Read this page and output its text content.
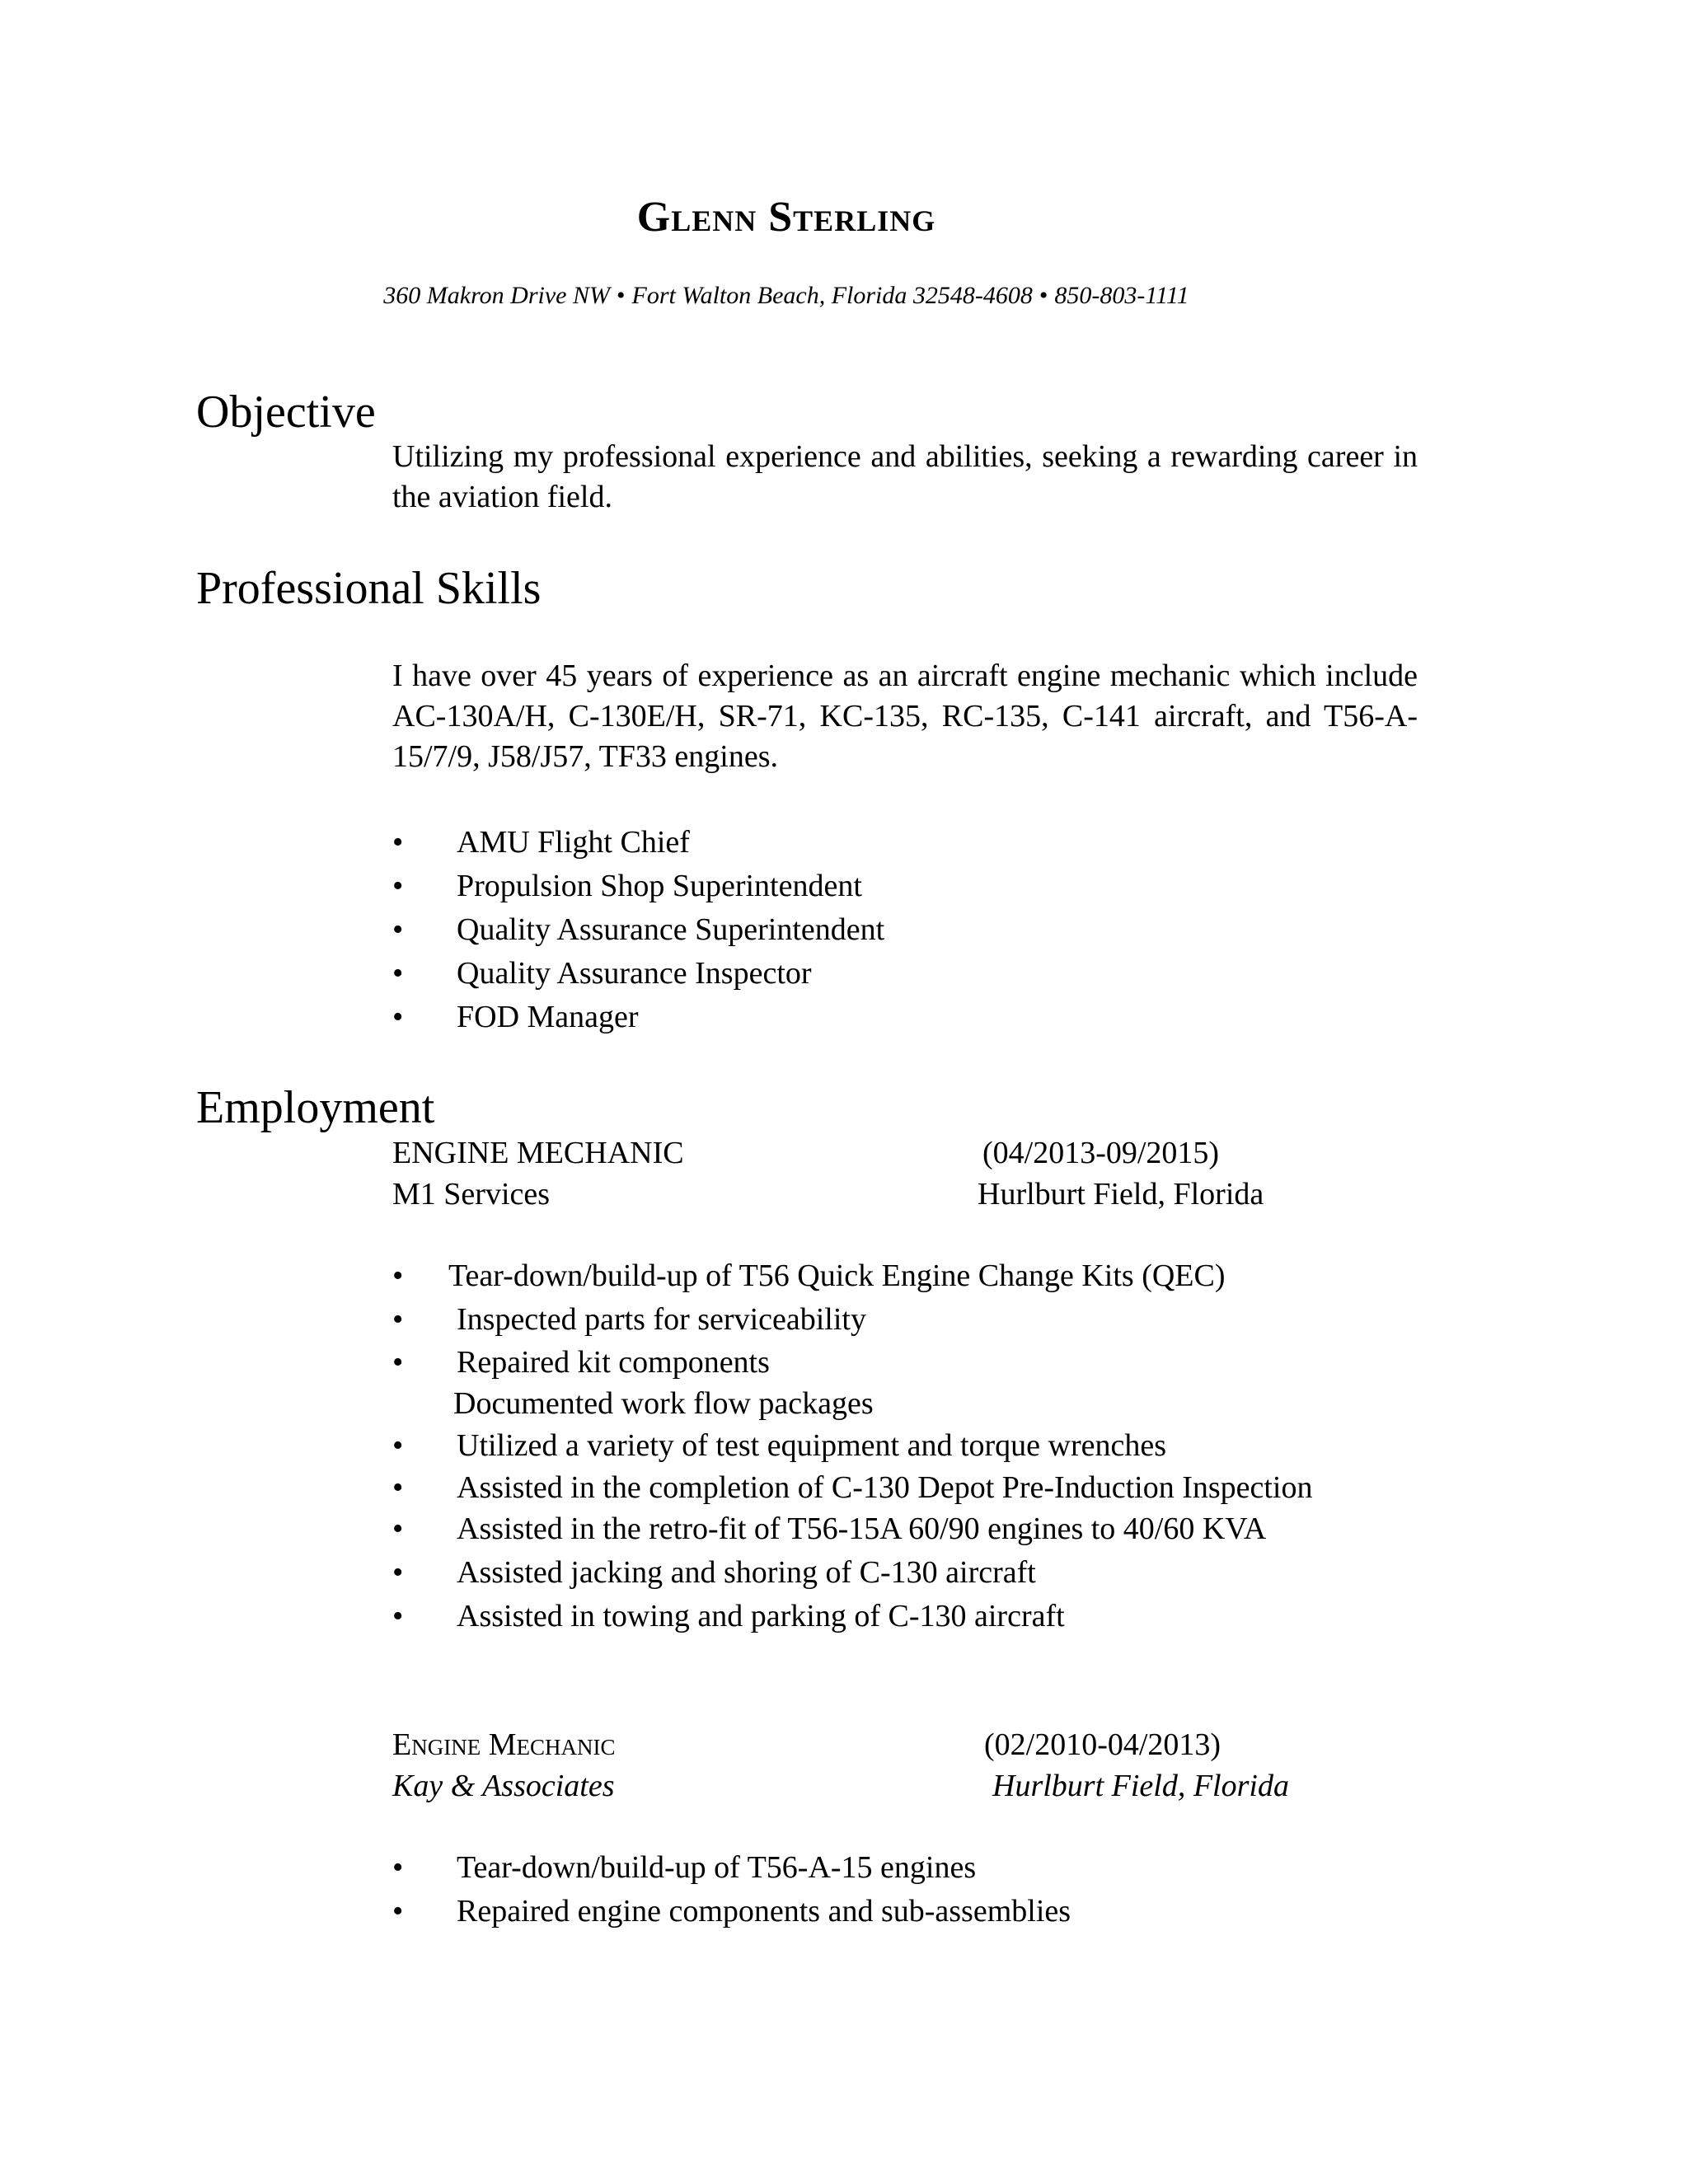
Glenn Sterling
360 Makron Drive NW • Fort Walton Beach, Florida 32548-4608 • 850-803-1111
Objective

Utilizing my professional experience and abilities, seeking a rewarding career in the aviation field.

Professional Skills

I have over 45 years of experience as an aircraft engine mechanic which include AC-130A/H, C-130E/H, SR-71, KC-135, RC-135, C-141 aircraft, and T56-A-15/7/9, J58/J57, TF33 engines.

• AMU Flight Chief
• Propulsion Shop Superintendent
• Quality Assurance Superintendent
• Quality Assurance Inspector
• FOD Manager
Employment
ENGINE MECHANIC	(04/2013-09/2015)
M1 Services	Hurlburt Field, Florida
• Tear-down/build-up of T56 Quick Engine Change Kits (QEC)
• Inspected parts for serviceability
• Repaired kit components
Documented work flow packages
• Utilized a variety of test equipment and torque wrenches
• Assisted in the completion of C-130 Depot Pre-Induction Inspection
• Assisted in the retro-fit of T56-15A 60/90 engines to 40/60 KVA
• Assisted jacking and shoring of C-130 aircraft
• Assisted in towing and parking of C-130 aircraft
Engine Mechanic	(02/2010-04/2013)
Kay & Associates	Hurlburt Field, Florida
• Tear-down/build-up of T56-A-15 engines
• Repaired engine components and sub-assemblies
